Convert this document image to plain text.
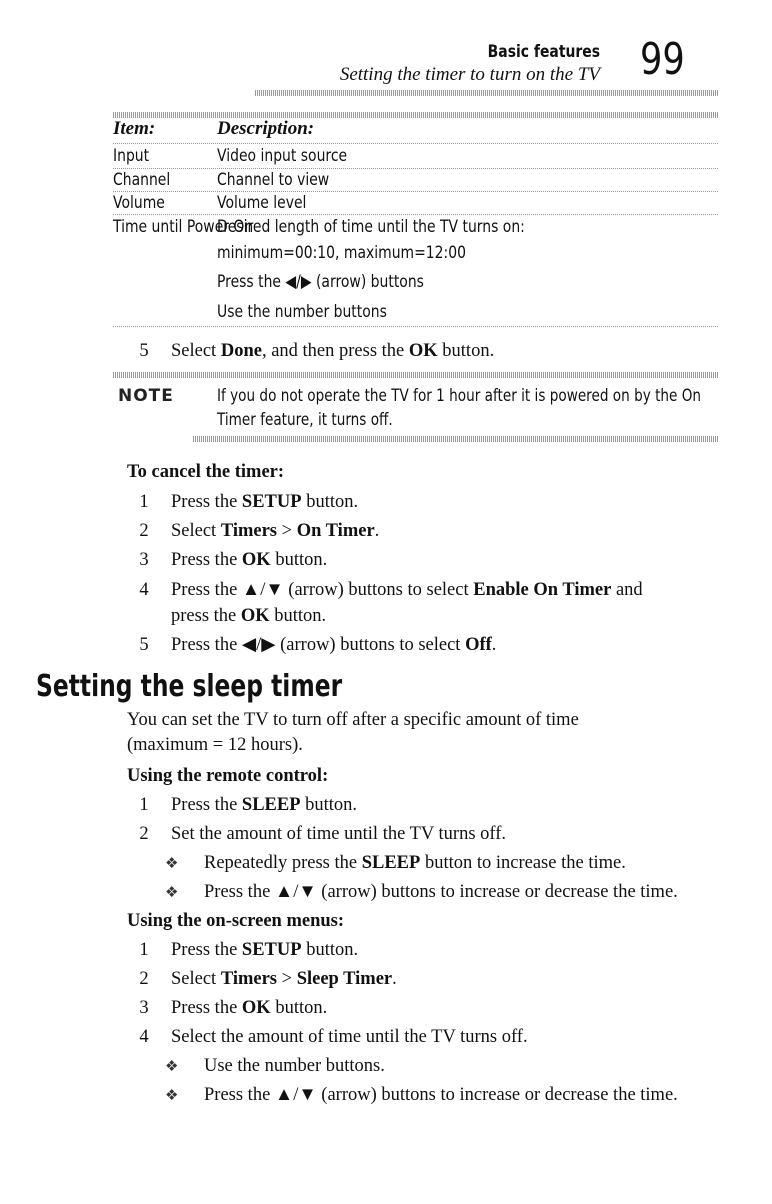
Basic features
Setting the timer to turn on the TV 99
Item:	Description:
Input	Video input source
Channel	Channel to view
Volume	Volume level
Time until Power On
Desired length of time until the TV turns on:
minimum=00:10, maximum=12:00
Press the ◀/▶ (arrow) buttons
Use the number buttons
5 Select Done, and then press the OK button.
NOTE	If you do not operate the TV for 1 hour after it is powered on by the On
Timer feature, it turns off.
To cancel the timer:
1 Press the SETUP button.
2 Select Timers > On Timer.
3 Press the OK button.
4 Press the ▲/▼ (arrow) buttons to select Enable On Timer and
press the OK button.
5 Press the ◀/▶ (arrow) buttons to select Off.
Setting the sleep timer
You can set the TV to turn off after a specific amount of time
(maximum = 12 hours).
Using the remote control:
1 Press the SLEEP button.
2 Set the amount of time until the TV turns off.
❖ Repeatedly press the SLEEP button to increase the time.
❖ Press the ▲/▼ (arrow) buttons to increase or decrease the time.
Using the on-screen menus:
1 Press the SETUP button.
2 Select Timers > Sleep Timer.
3 Press the OK button.
4 Select the amount of time until the TV turns off.
❖ Use the number buttons.
❖ Press the ▲/▼ (arrow) buttons to increase or decrease the time.
